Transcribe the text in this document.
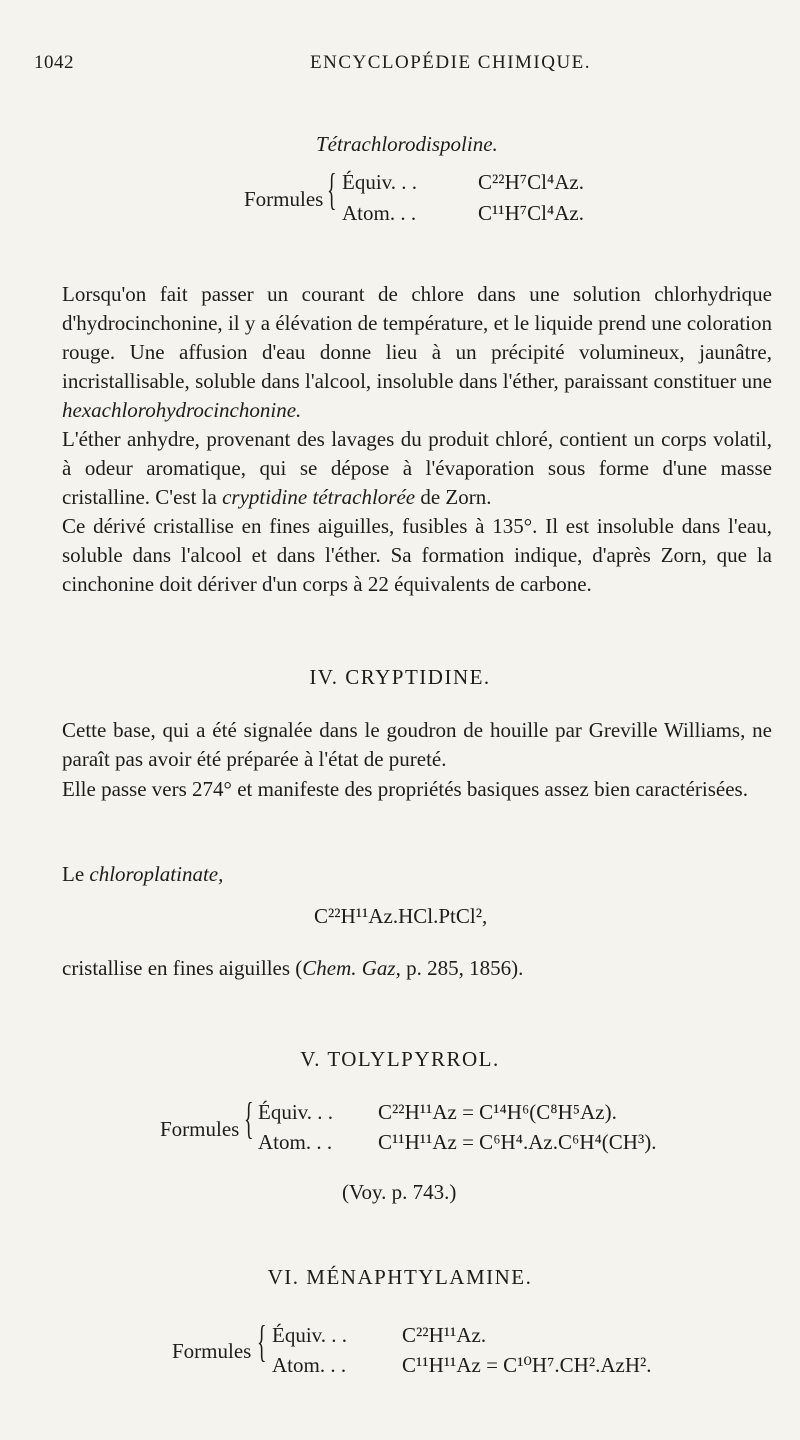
1042	ENCYCLOPÉDIE CHIMIQUE.
Tétrachlorodispoline.
Formules { Équiv. . .	C²²H⁷Cl⁴Az.
Atom. . .	C¹¹H⁷Cl⁴Az.

Lorsqu'on fait passer un courant de chlore dans une solution chlorhydrique d'hydrocinchonine, il y a élévation de température, et le liquide prend une coloration rouge. Une affusion d'eau donne lieu à un précipité volumineux, jaunâtre, incristallisable, soluble dans l'alcool, insoluble dans l'éther, paraissant constituer une hexachlorohydrocinchonine.

L'éther anhydre, provenant des lavages du produit chloré, contient un corps volatil, à odeur aromatique, qui se dépose à l'évaporation sous forme d'une masse cristalline. C'est la cryptidine tétrachlorée de Zorn.

Ce dérivé cristallise en fines aiguilles, fusibles à 135°. Il est insoluble dans l'eau, soluble dans l'alcool et dans l'éther. Sa formation indique, d'après Zorn, que la cinchonine doit dériver d'un corps à 22 équivalents de carbone.

IV. CRYPTIDINE.

Cette base, qui a été signalée dans le goudron de houille par Greville Williams, ne paraît pas avoir été préparée à l'état de pureté.

Elle passe vers 274° et manifeste des propriétés basiques assez bien caractérisées.

Le chloroplatinate,
C²²H¹¹Az.HCl.PtCl²,
cristallise en fines aiguilles (Chem. Gaz, p. 285, 1856).
V. TOLYLPYRROL.
Formules { Équiv. . . C²²H¹¹Az = C¹⁴H⁶(C⁸H⁵Az).
Atom. . . C¹¹H¹¹Az = C⁶H⁴.Az.C⁶H⁴(CH³).
(Voy. p. 743.)
VI. MÉNAPHTYLAMINE.
Formules { Équiv. . .	C²²H¹¹Az.
Atom. . .	C¹¹H¹¹Az = C¹⁰H⁷.CH².AzH².
